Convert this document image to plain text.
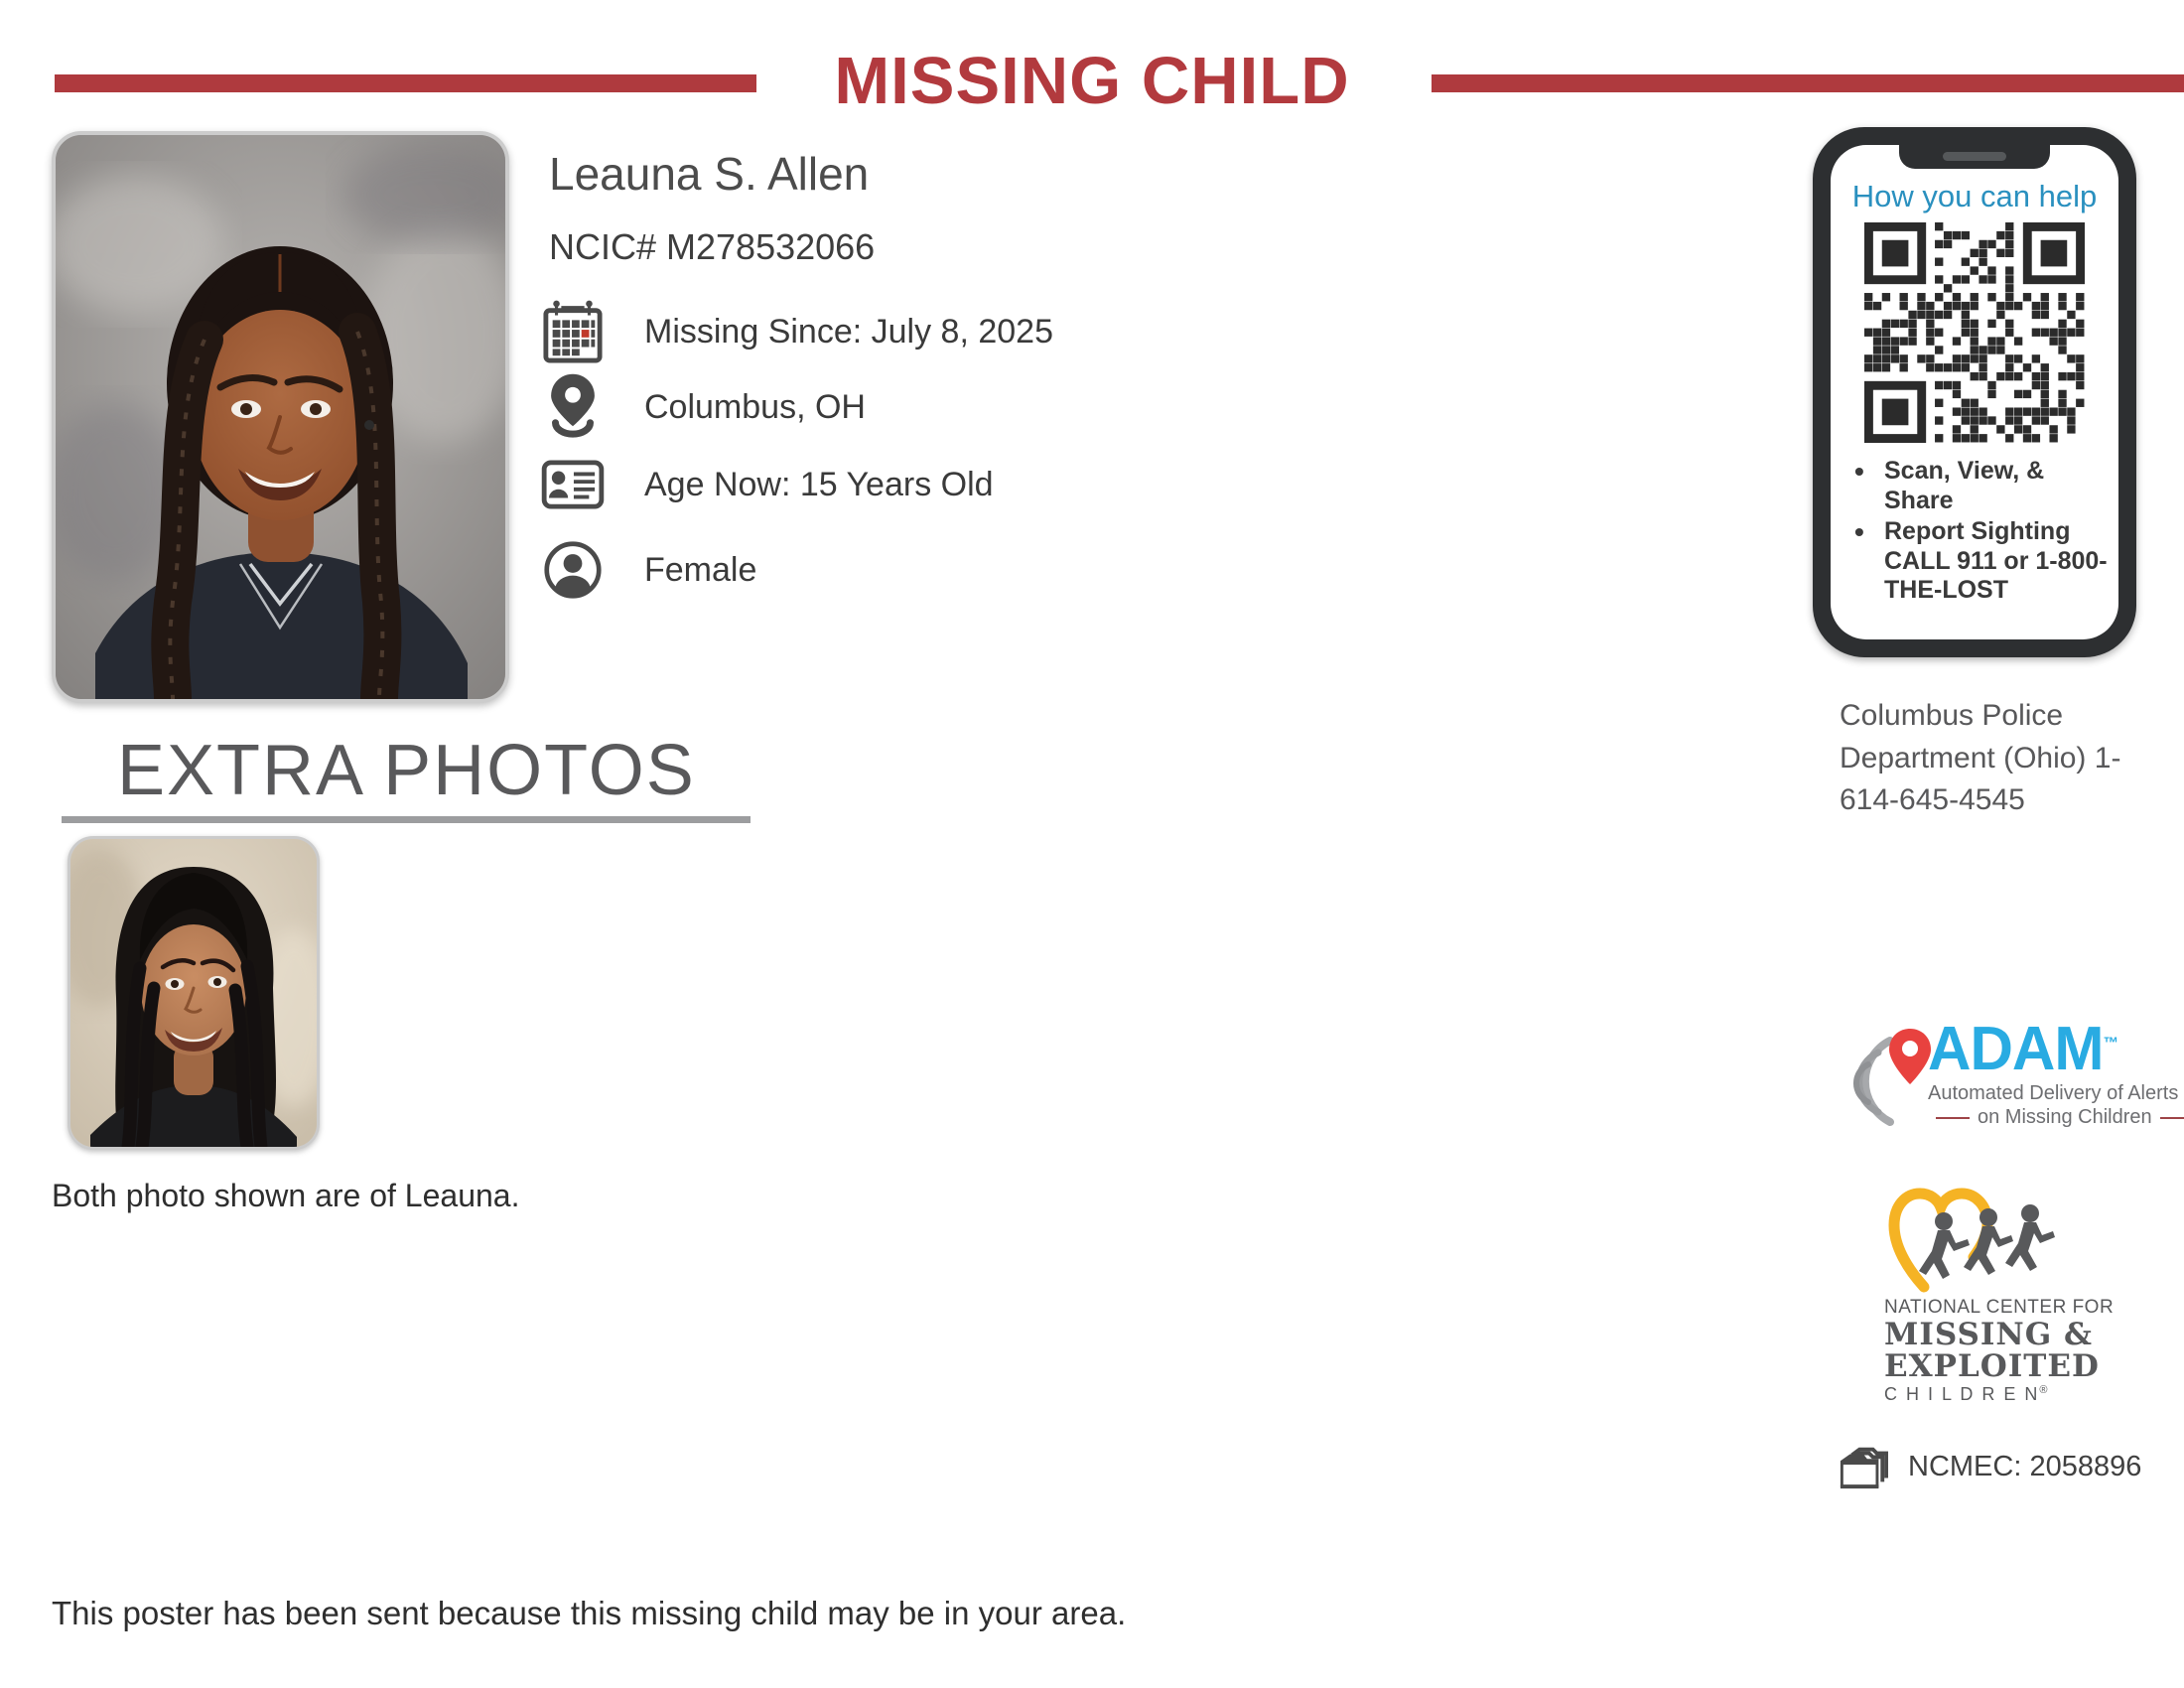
MISSING CHILD
Leauna S. Allen
NCIC# M278532066
Missing Since: July 8, 2025
Columbus, OH
Age Now: 15 Years Old
Female
How you can help
• Scan, View, & Share
• Report Sighting CALL 911 or 1-800-THE-LOST
Columbus Police Department (Ohio) 1-614-645-4545
ADAM™
Automated Delivery of Alerts
on Missing Children
NATIONAL CENTER FOR
MISSING &
EXPLOITED
C H I L D R E N®
NCMEC: 2058896
EXTRA PHOTOS
Both photo shown are of Leauna.
This poster has been sent because this missing child may be in your area.
